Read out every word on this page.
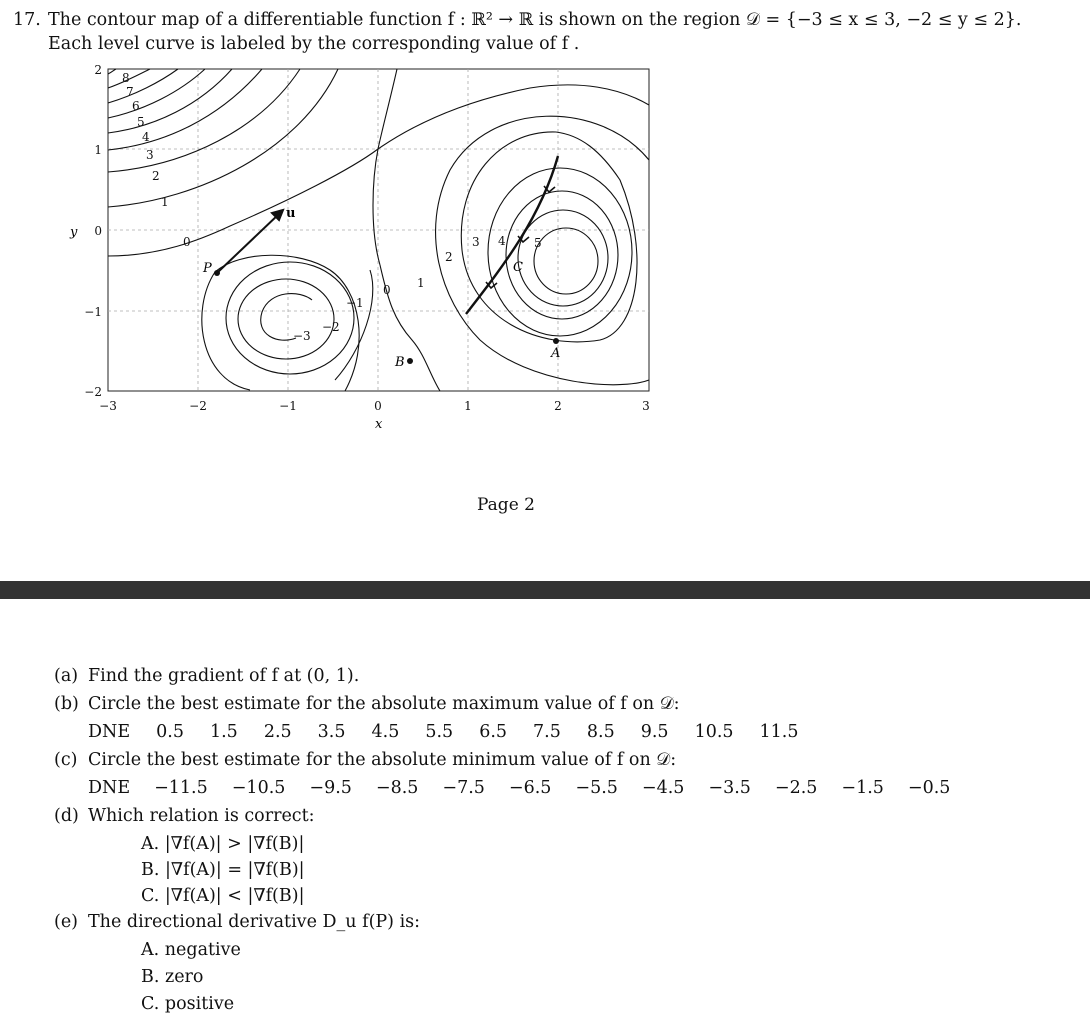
17. The contour map of a differentiable function f : ℝ² → ℝ is shown on the region 𝒟 = {−3 ≤ x ≤ 3, −2 ≤ y ≤ 2}.
Each level curve is labeled by the corresponding value of f .
P
A
B
C
u
8
7
6
5
4
3
2
1
0
−1
−2
−3
0 1
2
3 4 5
−3	−2	−1	0	1	2	3
2
1
0
−1
−2
x
y
Page 2
(a) Find the gradient of f at (0, 1).
(b) Circle the best estimate for the absolute maximum value of f on 𝒟:
DNE 0.5 1.5 2.5 3.5 4.5 5.5 6.5 7.5 8.5 9.5 10.5 11.5
(c) Circle the best estimate for the absolute minimum value of f on 𝒟:
DNE −11.5 −10.5 −9.5 −8.5 −7.5 −6.5 −5.5 −4.5 −3.5 −2.5 −1.5 −0.5
(d) Which relation is correct:
A. |∇f(A)| > |∇f(B)|
B. |∇f(A)| = |∇f(B)|
C. |∇f(A)| < |∇f(B)|
(e) The directional derivative D_u f(P) is:
A. negative
B. zero
C. positive
